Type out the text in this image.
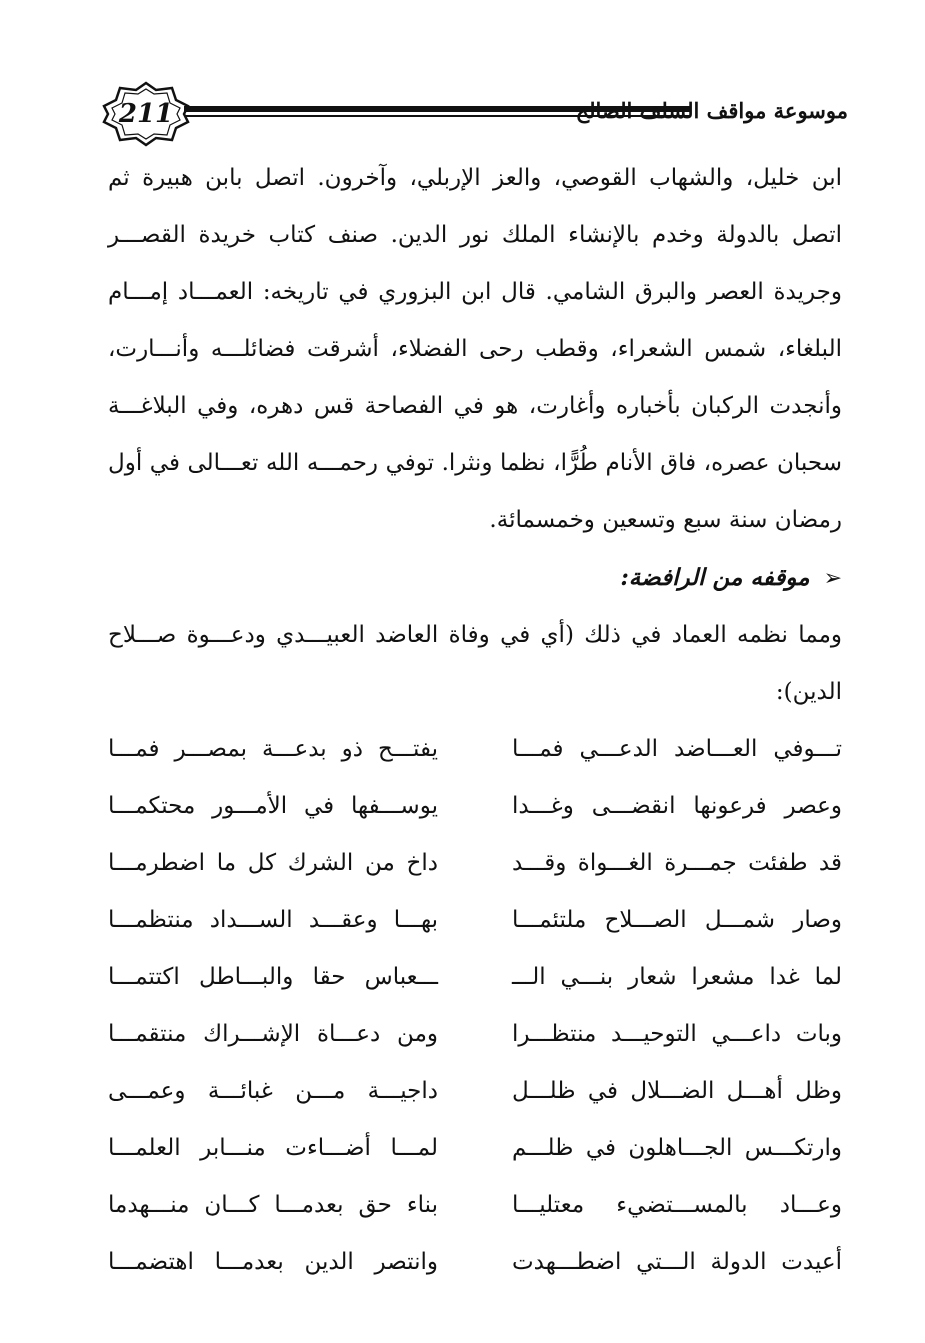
211	موسوعة مواقف السلف الصالح
ابن خليل، والشهاب القوصي، والعز الإربلي، وآخرون. اتصل بابن هبيرة ثم
اتصل بالدولة وخدم بالإنشاء الملك نور الدين. صنف كتاب خريدة القصـــر
وجريدة العصر والبرق الشامي. قال ابن البزوري في تاريخه: العمـــاد إمـــام
البلغاء، شمس الشعراء، وقطب رحى الفضلاء، أشرقت فضائلـــه وأنـــارت،
وأنجدت الركبان بأخباره وأغارت، هو في الفصاحة قس دهره، وفي البلاغـــة
سحبان عصره، فاق الأنام طُرًّا، نظما ونثرا. توفي رحمـــه الله تعـــالى في أول
رمضان سنة سبع وتسعين وخمسمائة.
➢موقفه من الرافضة:
ومما نظمه العماد في ذلك (أي في وفاة العاضد العبيـــدي ودعـــوة صـــلاح
الدين):
تـــوفي العـــاضد الدعـــي فمـــا
يفتـــح ذو بدعـــة بمصـــر فمـــا
وعصر فرعونها انقضـــى وغـــدا
يوســـفها في الأمـــور محتكمـــا
قد طفئت جمـــرة الغـــواة وقـــد
داخ من الشرك كل ما اضطرمـــا
وصار شمـــل الصـــلاح ملتئمـــا
بهـــا وعقـــد الســـداد منتظمـــا
لما غدا مشعرا شعار بنـــي الـــ
ـــعباس حقا والبـــاطل اكتتمـــا
وبات داعـــي التوحيـــد منتظـــرا
ومن دعـــاة الإشـــراك منتقمـــا
وظل أهـــل الضـــلال في ظلـــل
داجيـــة مـــن غبائـــة وعمـــى
وارتكـــس الجـــاهلون في ظلـــم
لمـــا أضـــاءت منـــابر العلمـــا
وعـــاد بالمســـتضيء معتليـــا
بناء حق بعدمـــا كـــان منـــهدما
أعيدت الدولة الـــتي اضطـــهدت
وانتصر الدين بعدمـــا اهتضمـــا
